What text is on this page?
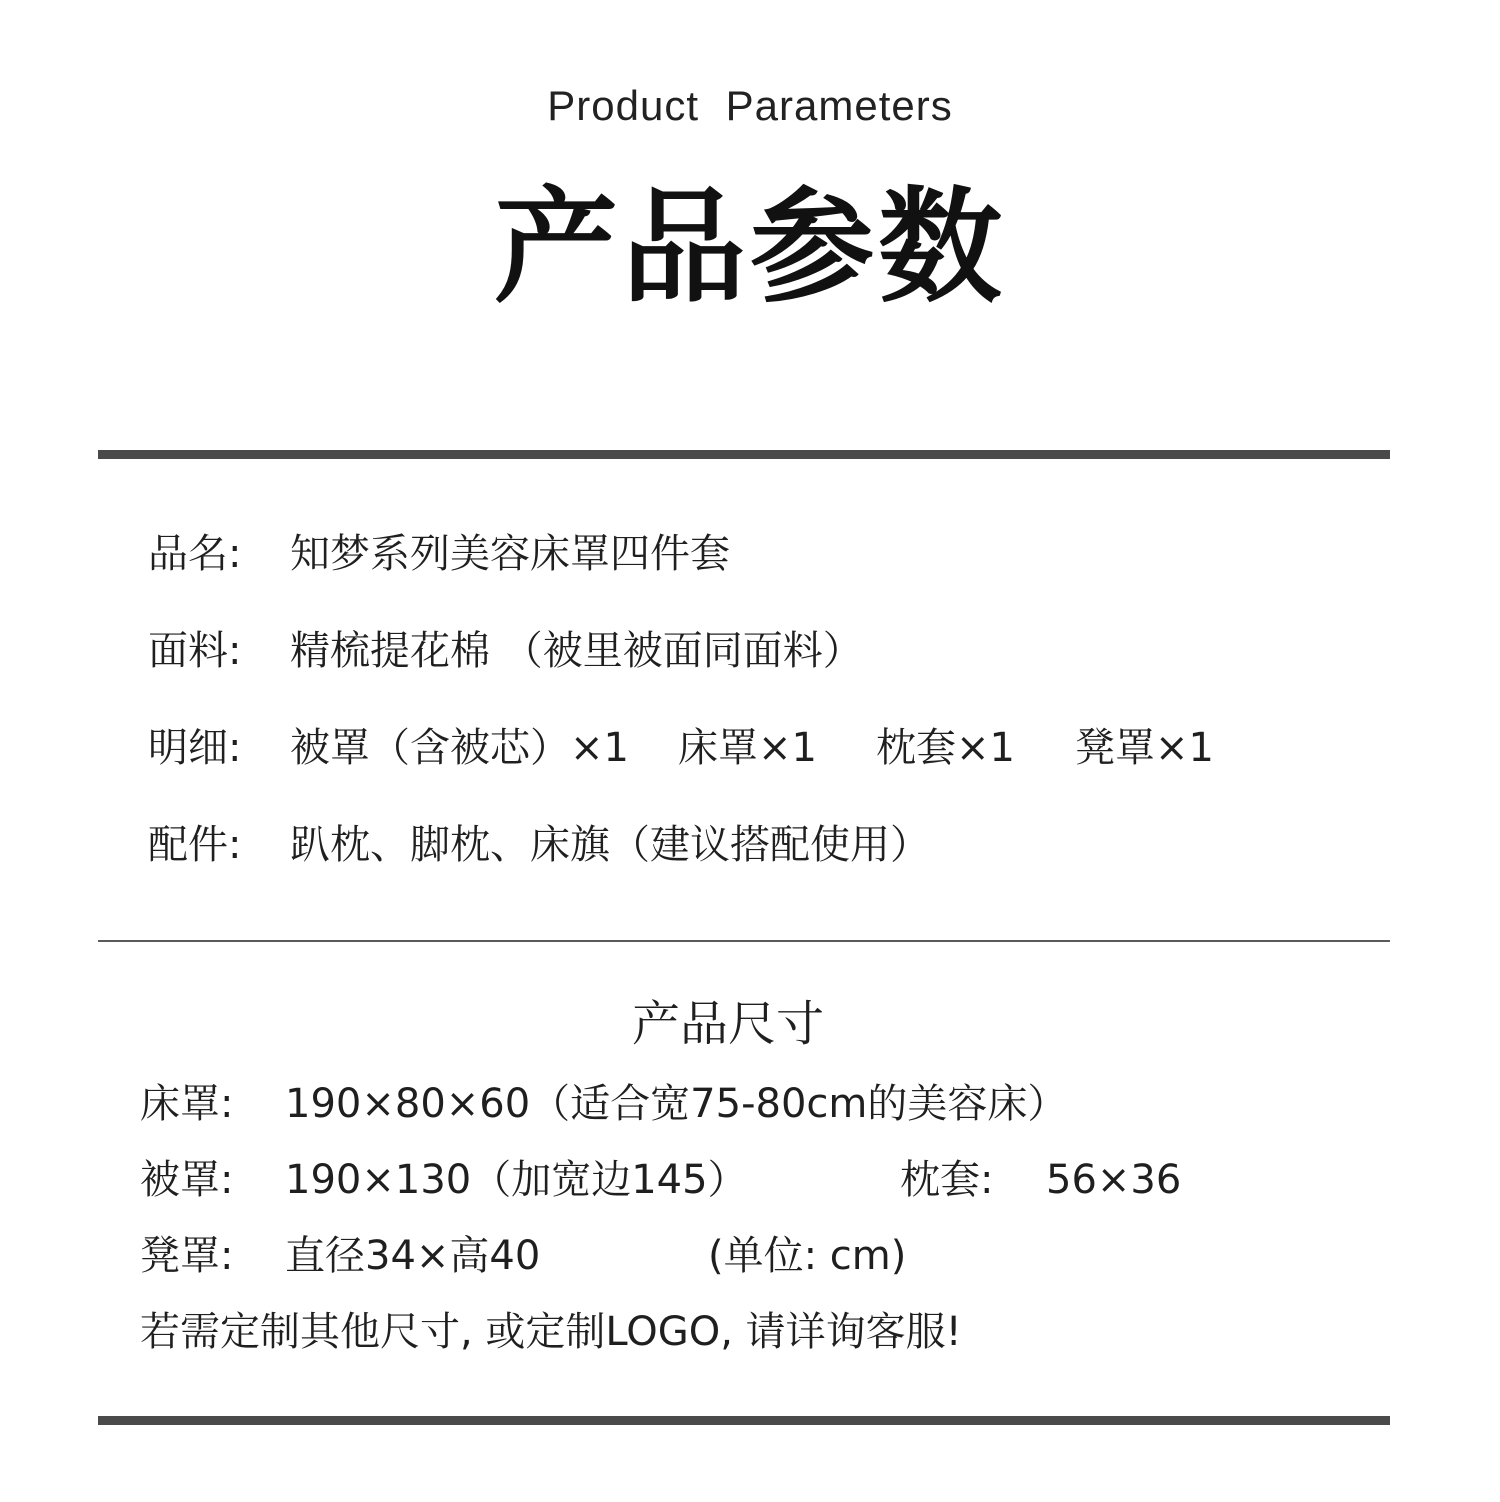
Product Parameters
产品参数
品名: 知梦系列美容床罩四件套
面料: 精梳提花棉 （被里被面同面料）
明细: 被罩（含被芯）×1 床罩×1 枕套×1 凳罩×1
配件: 趴枕、脚枕、床旗（建议搭配使用）
产品尺寸
床罩: 190×80×60（适合宽75-80cm的美容床）
被罩: 190×130（加宽边145）	枕套: 56×36
凳罩: 直径34×高40	(单位: cm)
若需定制其他尺寸, 或定制LOGO, 请详询客服!
